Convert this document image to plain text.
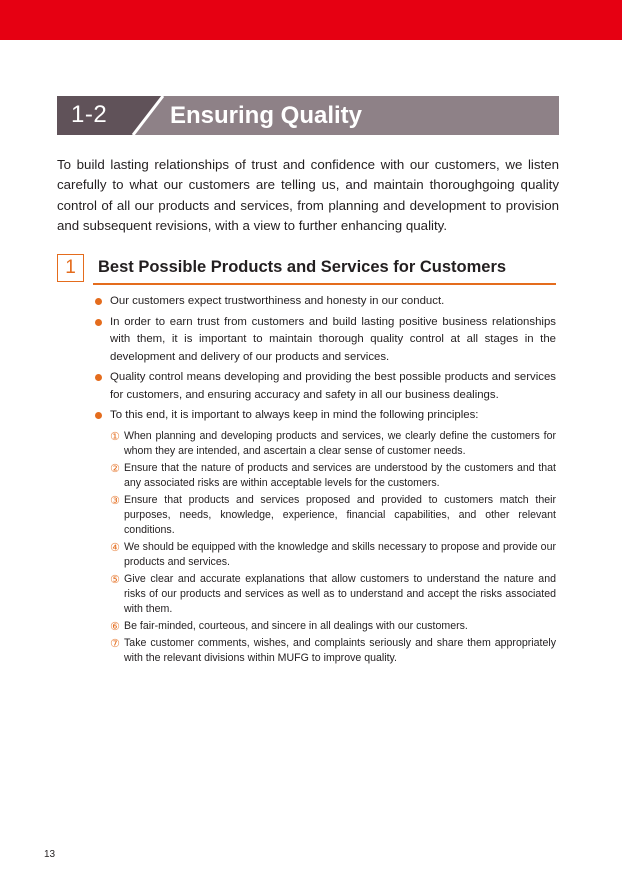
1-2	Ensuring Quality

To build lasting relationships of trust and confidence with our customers, we listen carefully to what our customers are telling us, and maintain thoroughgoing quality control of all our products and services, from planning and development to provision and subsequent revisions, with a view to further enhancing quality.

1	Best Possible Products and Services for Customers
Our customers expect trustworthiness and honesty in our conduct.
In order to earn trust from customers and build lasting positive business relationships with them, it is important to maintain thorough quality control at all stages in the development and delivery of our products and services.
Quality control means developing and providing the best possible products and services for customers, and ensuring accuracy and safety in all our business dealings.
To this end, it is important to always keep in mind the following principles:
① When planning and developing products and services, we clearly define the customers for whom they are intended, and ascertain a clear sense of customer needs.
② Ensure that the nature of products and services are understood by the customers and that any associated risks are within acceptable levels for the customers.
③ Ensure that products and services proposed and provided to customers match their purposes, needs, knowledge, experience, financial capabilities, and other relevant conditions.
④ We should be equipped with the knowledge and skills necessary to propose and provide our products and services.
⑤ Give clear and accurate explanations that allow customers to understand the nature and risks of our products and services as well as to understand and accept the risks associated with them.
⑥ Be fair-minded, courteous, and sincere in all dealings with our customers.
⑦ Take customer comments, wishes, and complaints seriously and share them appropriately with the relevant divisions within MUFG to improve quality.
13
